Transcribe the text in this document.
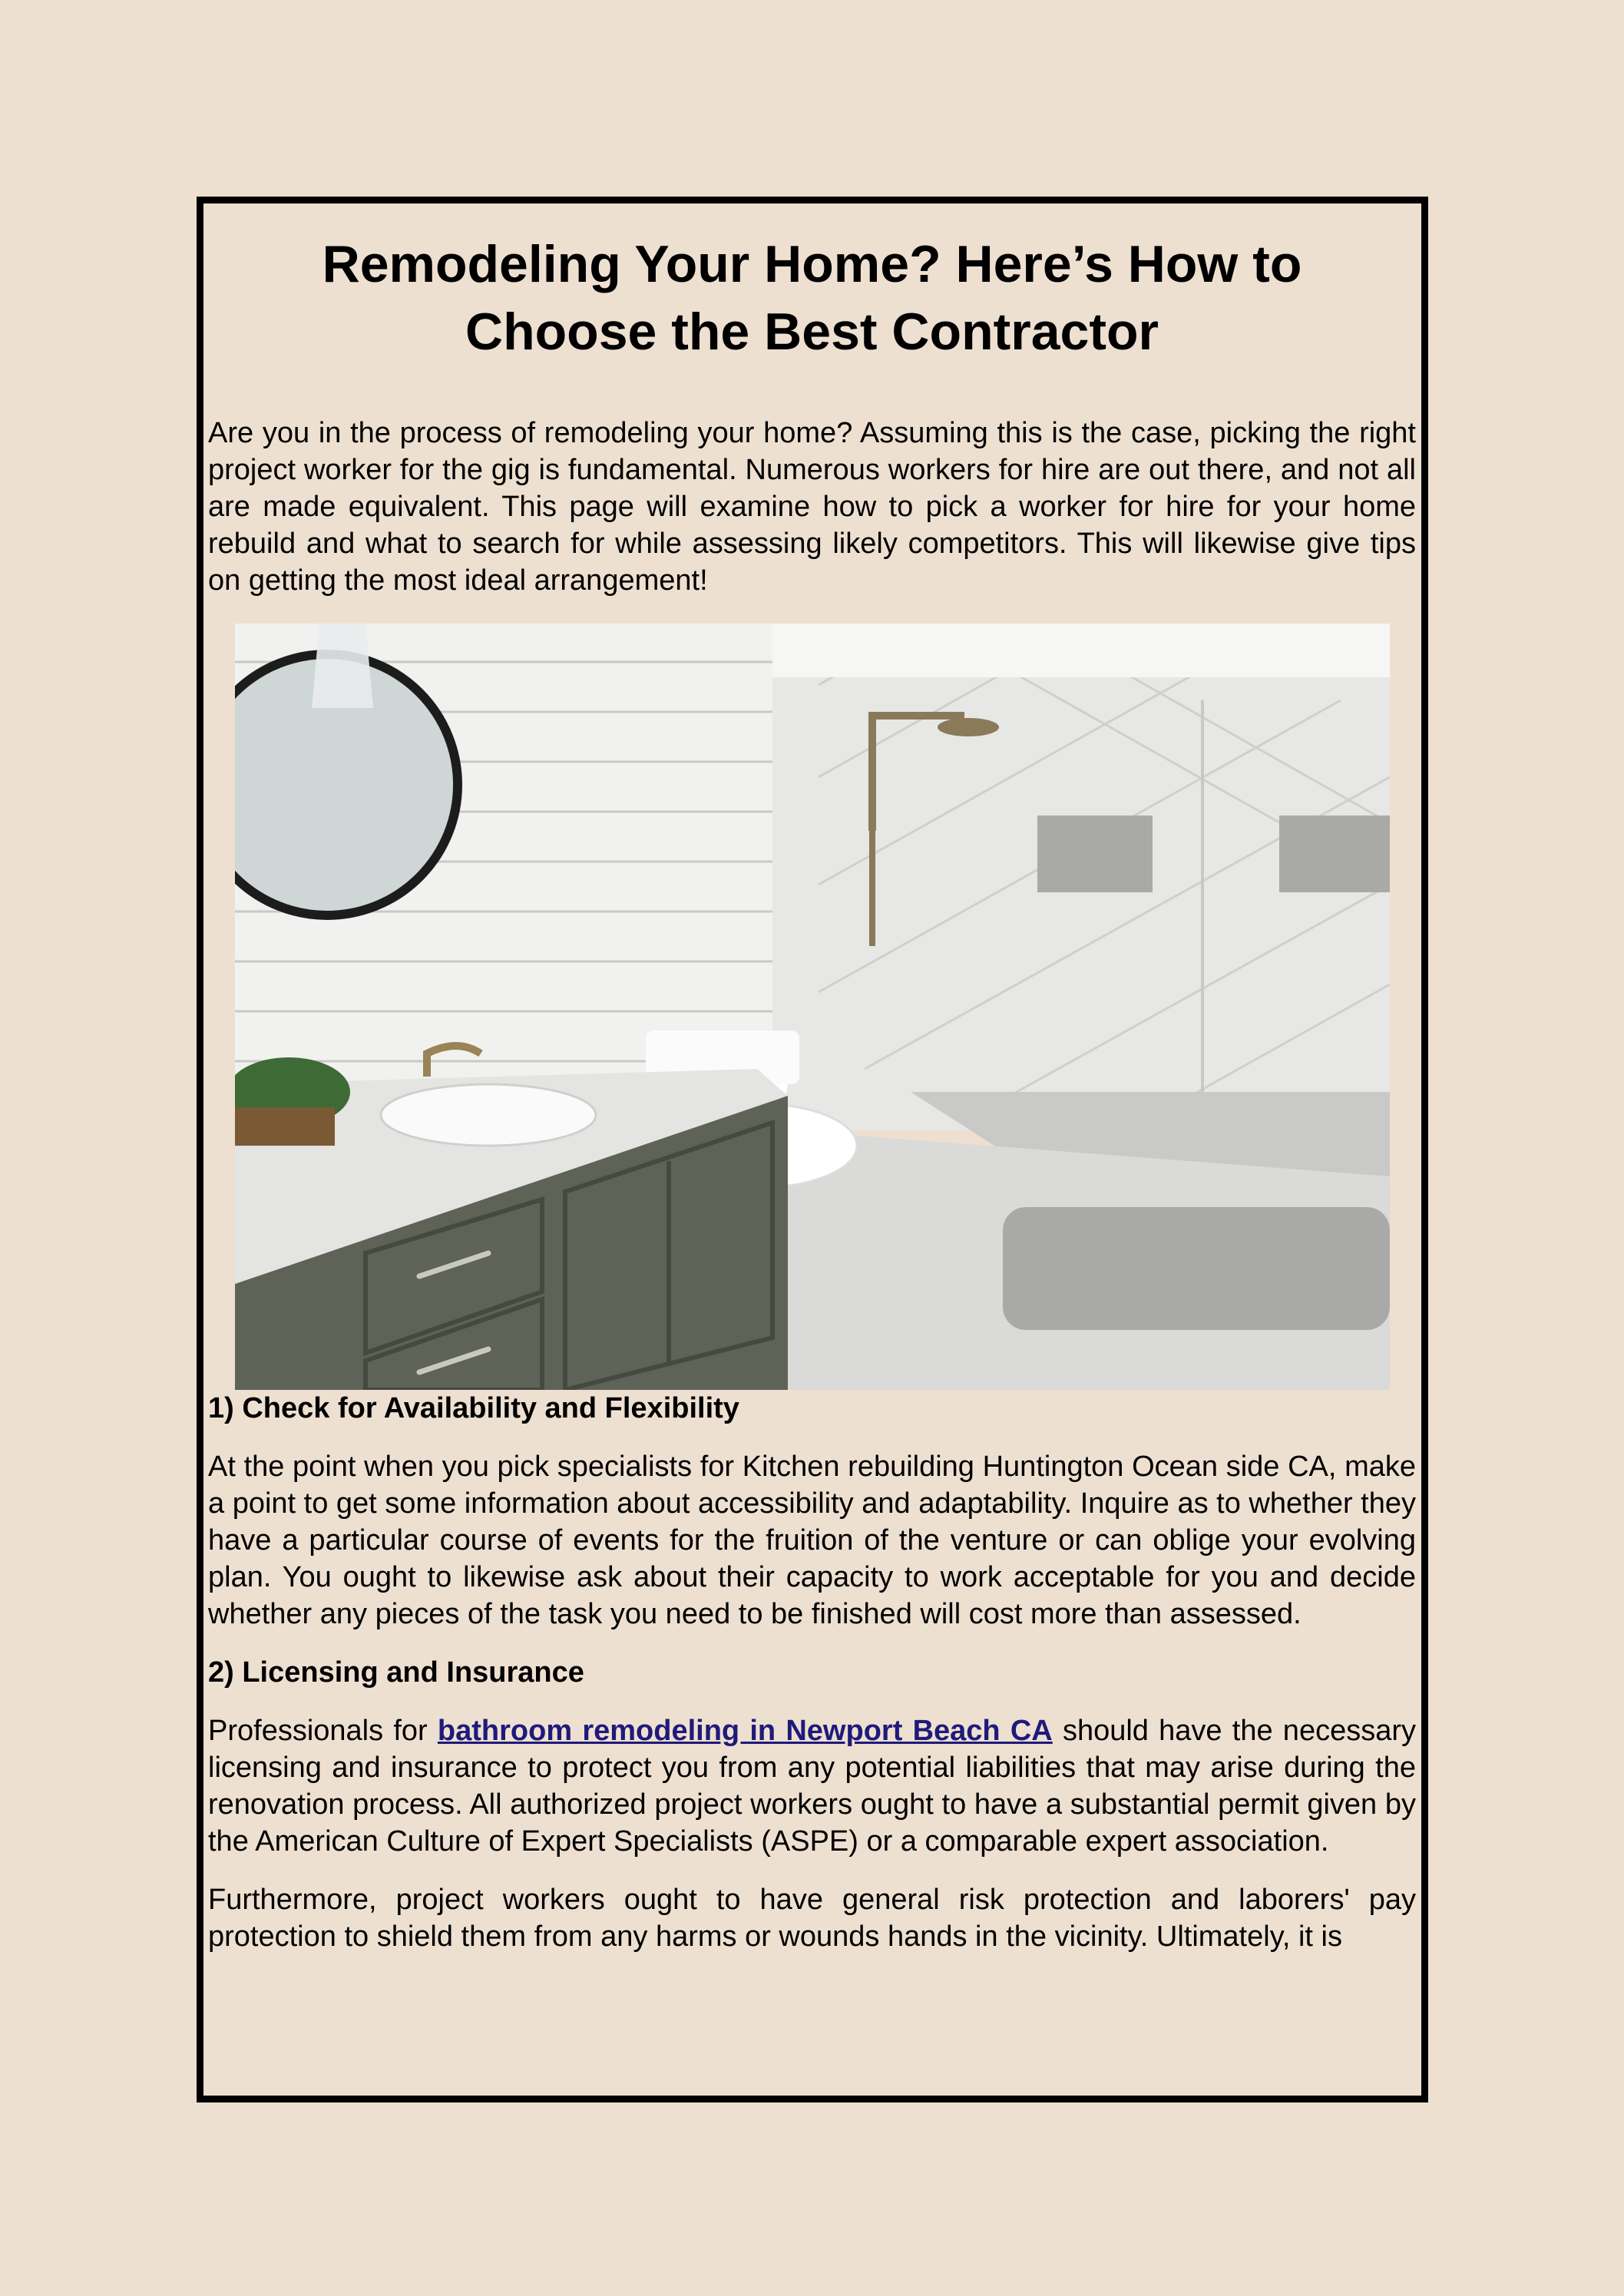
Remodeling Your Home? Here’s How to
Choose the Best Contractor

Are you in the process of remodeling your home? Assuming this is the case, picking the right project worker for the gig is fundamental. Numerous workers for hire are out there, and not all are made equivalent. This page will examine how to pick a worker for hire for your home rebuild and what to search for while assessing likely competitors. This will likewise give tips on getting the most ideal arrangement!

1) Check for Availability and Flexibility

At the point when you pick specialists for Kitchen rebuilding Huntington Ocean side CA, make a point to get some information about accessibility and adaptability. Inquire as to whether they have a particular course of events for the fruition of the venture or can oblige your evolving plan. You ought to likewise ask about their capacity to work acceptable for you and decide whether any pieces of the task you need to be finished will cost more than assessed.

2) Licensing and Insurance

Professionals for bathroom remodeling in Newport Beach CA should have the necessary licensing and insurance to protect you from any potential liabilities that may arise during the renovation process. All authorized project workers ought to have a substantial permit given by the American Culture of Expert Specialists (ASPE) or a comparable expert association.

Furthermore, project workers ought to have general risk protection and laborers' pay protection to shield them from any harms or wounds hands in the vicinity. Ultimately, it is
